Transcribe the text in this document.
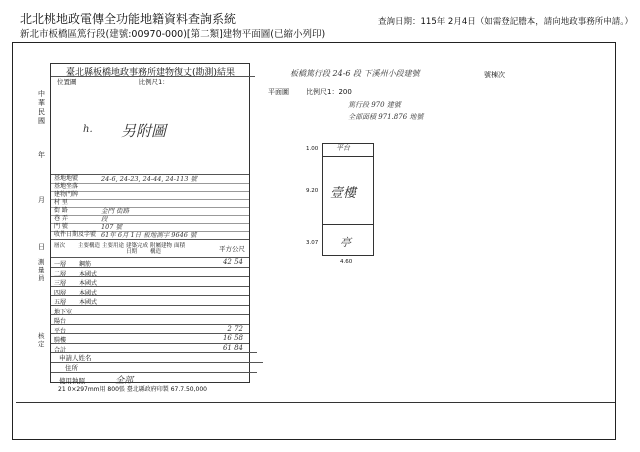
北北桃地政電傳全功能地籍資料查詢系統
新北市板橋區篤行段(建號:00970-000)[第二類]建物平面圖(已縮小列印)
查詢日期：115年 2月4日（如需登記謄本，請向地政事務所申請。）
中華民國
年
月
日
測量員
核定
臺北縣板橋地政事務所建物復丈(勘測)結果
位置圖	比例尺1：
h. 另附圖
基地地號	24-6, 24-23, 24-44, 24-113 號
基地坐落
建物門牌
村 里
街 路	金門 街路
巷 弄	段
門 號	107 號
收件日期及字號 61年 6月 1日 板地測字 9646 號
層次	主要構造 主要用途 建築完成日期
附屬建物構造
面積	平方公尺
一層 鋼筋	42 54
二層 本國式
三層 本國式
四層 本國式
五層 本國式
地下室
陽台
平台	2 72
騎樓	16 58
合計	61 84
申請人姓名
住所
使用執照	全部
21 0×297mm用 800張 臺北縣政府印製 67.7.50,000
板橋篤行段 24-6 段 下溪州小段建號	號棟次
平面圖 比例尺1：200
篤行段 970 建號
全部面積 971.876 地號
平台
壹樓
亭
1.00
9.20
3.07
4.60
